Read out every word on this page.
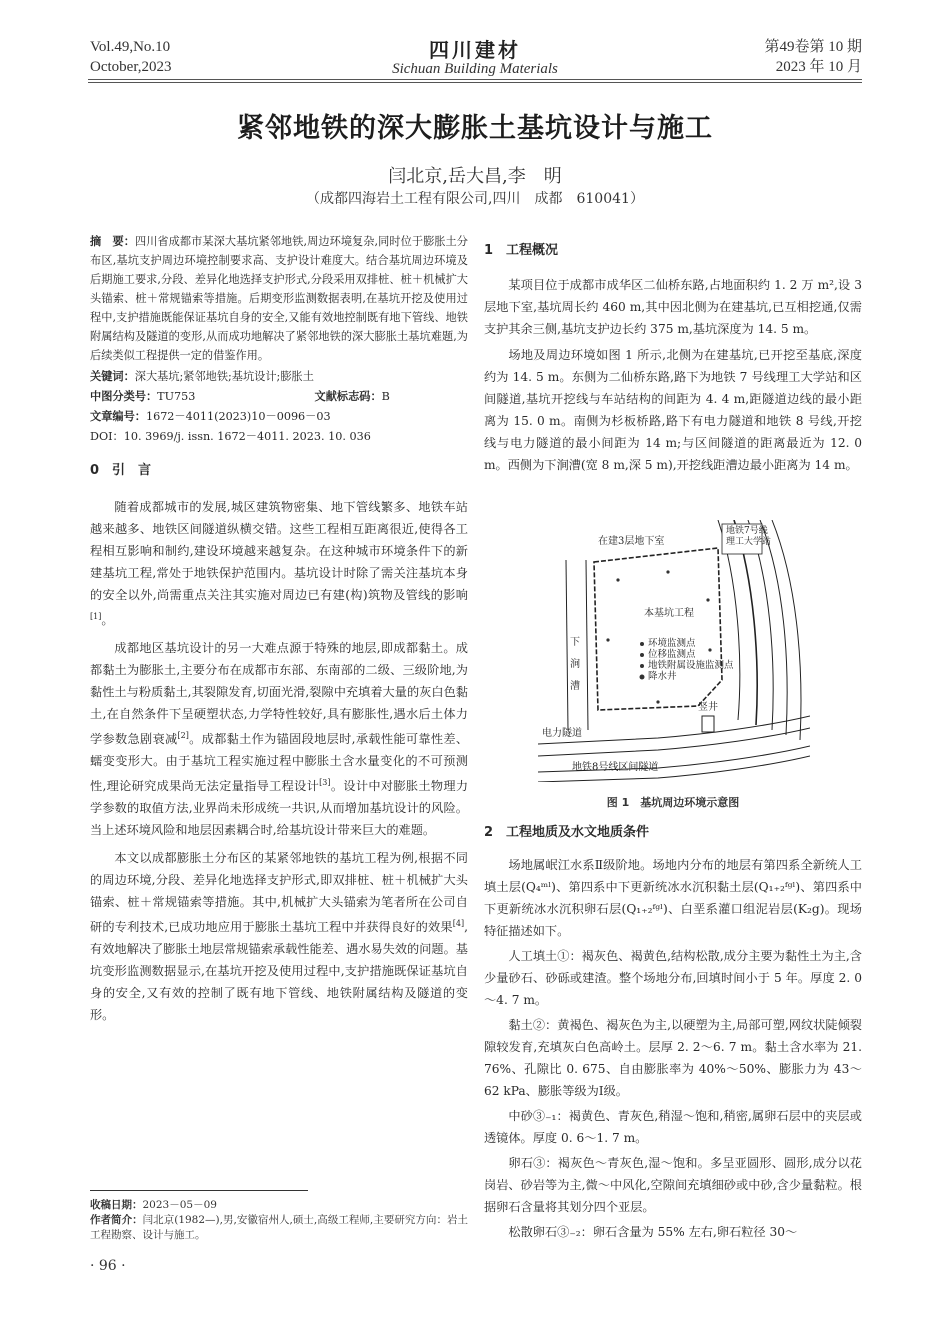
Vol.49,No.10
October,2023
四川建材
Sichuan Building Materials
第49卷第 10 期
2023 年 10 月
紧邻地铁的深大膨胀土基坑设计与施工
闫北京,岳大昌,李　明
（成都四海岩土工程有限公司,四川　成都　610041）
摘　要：四川省成都市某深大基坑紧邻地铁,周边环境复杂,同时位于膨胀土分布区,基坑支护周边环境控制要求高、支护设计难度大。结合基坑周边环境及后期施工要求,分段、差异化地选择支护形式,分段采用双排桩、桩＋机械扩大头锚索、桩＋常规锚索等措施。后期变形监测数据表明,在基坑开挖及使用过程中,支护措施既能保证基坑自身的安全,又能有效地控制既有地下管线、地铁附属结构及隧道的变形,从而成功地解决了紧邻地铁的深大膨胀土基坑难题,为后续类似工程提供一定的借鉴作用。
关键词：深大基坑;紧邻地铁;基坑设计;膨胀土
中图分类号：TU753	文献标志码：B
文章编号：1672－4011(2023)10－0096－03
DOI：10. 3969/j. issn. 1672－4011. 2023. 10. 036
0　引　言

随着成都城市的发展,城区建筑物密集、地下管线繁多、地铁车站越来越多、地铁区间隧道纵横交错。这些工程相互距离很近,使得各工程相互影响和制约,建设环境越来越复杂。在这种城市环境条件下的新建基坑工程,常处于地铁保护范围内。基坑设计时除了需关注基坑本身的安全以外,尚需重点关注其实施对周边已有建(构)筑物及管线的影响[1]。

成都地区基坑设计的另一大难点源于特殊的地层,即成都黏土。成都黏土为膨胀土,主要分布在成都市东部、东南部的二级、三级阶地,为黏性土与粉质黏土,其裂隙发育,切面光滑,裂隙中充填着大量的灰白色黏土,在自然条件下呈硬塑状态,力学特性较好,具有膨胀性,遇水后土体力学参数急剧衰减[2]。成都黏土作为锚固段地层时,承载性能可靠性差、蠕变变形大。由于基坑工程实施过程中膨胀土含水量变化的不可预测性,理论研究成果尚无法定量指导工程设计[3]。设计中对膨胀土物理力学参数的取值方法,业界尚未形成统一共识,从而增加基坑设计的风险。当上述环境风险和地层因素耦合时,给基坑设计带来巨大的难题。

本文以成都膨胀土分布区的某紧邻地铁的基坑工程为例,根据不同的周边环境,分段、差异化地选择支护形式,即双排桩、桩＋机械扩大头锚索、桩＋常规锚索等措施。其中,机械扩大头锚索为笔者所在公司自研的专利技术,已成功地应用于膨胀土基坑工程中并获得良好的效果[4],有效地解决了膨胀土地层常规锚索承载性能差、遇水易失效的问题。基坑变形监测数据显示,在基坑开挖及使用过程中,支护措施既保证基坑自身的安全,又有效的控制了既有地下管线、地铁附属结构及隧道的变形。

收稿日期：2023－05－09
作者简介：闫北京(1982—),男,安徽宿州人,硕士,高级工程师,主要研究方向：岩土工程勘察、设计与施工。
· 96 ·
1　工程概况

某项目位于成都市成华区二仙桥东路,占地面积约 1. 2 万 m²,设 3 层地下室,基坑周长约 460 m,其中因北侧为在建基坑,已互相挖通,仅需支护其余三侧,基坑支护边长约 375 m,基坑深度为 14. 5 m。

场地及周边环境如图 1 所示,北侧为在建基坑,已开挖至基底,深度约为 14. 5 m。东侧为二仙桥东路,路下为地铁 7 号线理工大学站和区间隧道,基坑开挖线与车站结构的间距为 4. 4 m,距隧道边线的最小距离为 15. 0 m。南侧为杉板桥路,路下有电力隧道和地铁 8 号线,开挖线与电力隧道的最小间距为 14 m;与区间隧道的距离最近为 12. 0 m。西侧为下涧漕(宽 8 m,深 5 m),开挖线距漕边最小距离为 14 m。

在建3层地下室
地铁7号线
理工大学站
本基坑工程
下
涧
漕
环境监测点
位移监测点
地铁附属设施监测点
降水井
竖井
电力隧道
地铁8号线区间隧道
图 1　基坑周边环境示意图
2　工程地质及水文地质条件

场地属岷江水系Ⅱ级阶地。场地内分布的地层有第四系全新统人工填土层(Q₄ᵐˡ)、第四系中下更新统冰水沉积黏土层(Q₁₊₂ᶠᵍˡ)、第四系中下更新统冰水沉积卵石层(Q₁₊₂ᶠᵍˡ)、白垩系灌口组泥岩层(K₂g)。现场特征描述如下。

人工填土①：褐灰色、褐黄色,结构松散,成分主要为黏性土为主,含少量砂石、砂砾或建渣。整个场地分布,回填时间小于 5 年。厚度 2. 0～4. 7 m。

黏土②：黄褐色、褐灰色为主,以硬塑为主,局部可塑,网纹状陡倾裂隙较发育,充填灰白色高岭土。层厚 2. 2～6. 7 m。黏土含水率为 21. 76%、孔隙比 0. 675、自由膨胀率为 40%～50%、膨胀力为 43～62 kPa、膨胀等级为Ⅰ级。

中砂③₋₁：褐黄色、青灰色,稍湿～饱和,稍密,属卵石层中的夹层或透镜体。厚度 0. 6～1. 7 m。

卵石③：褐灰色～青灰色,湿～饱和。多呈亚圆形、圆形,成分以花岗岩、砂岩等为主,微～中风化,空隙间充填细砂或中砂,含少量黏粒。根据卵石含量将其划分四个亚层。

松散卵石③₋₂：卵石含量为 55% 左右,卵石粒径 30～
